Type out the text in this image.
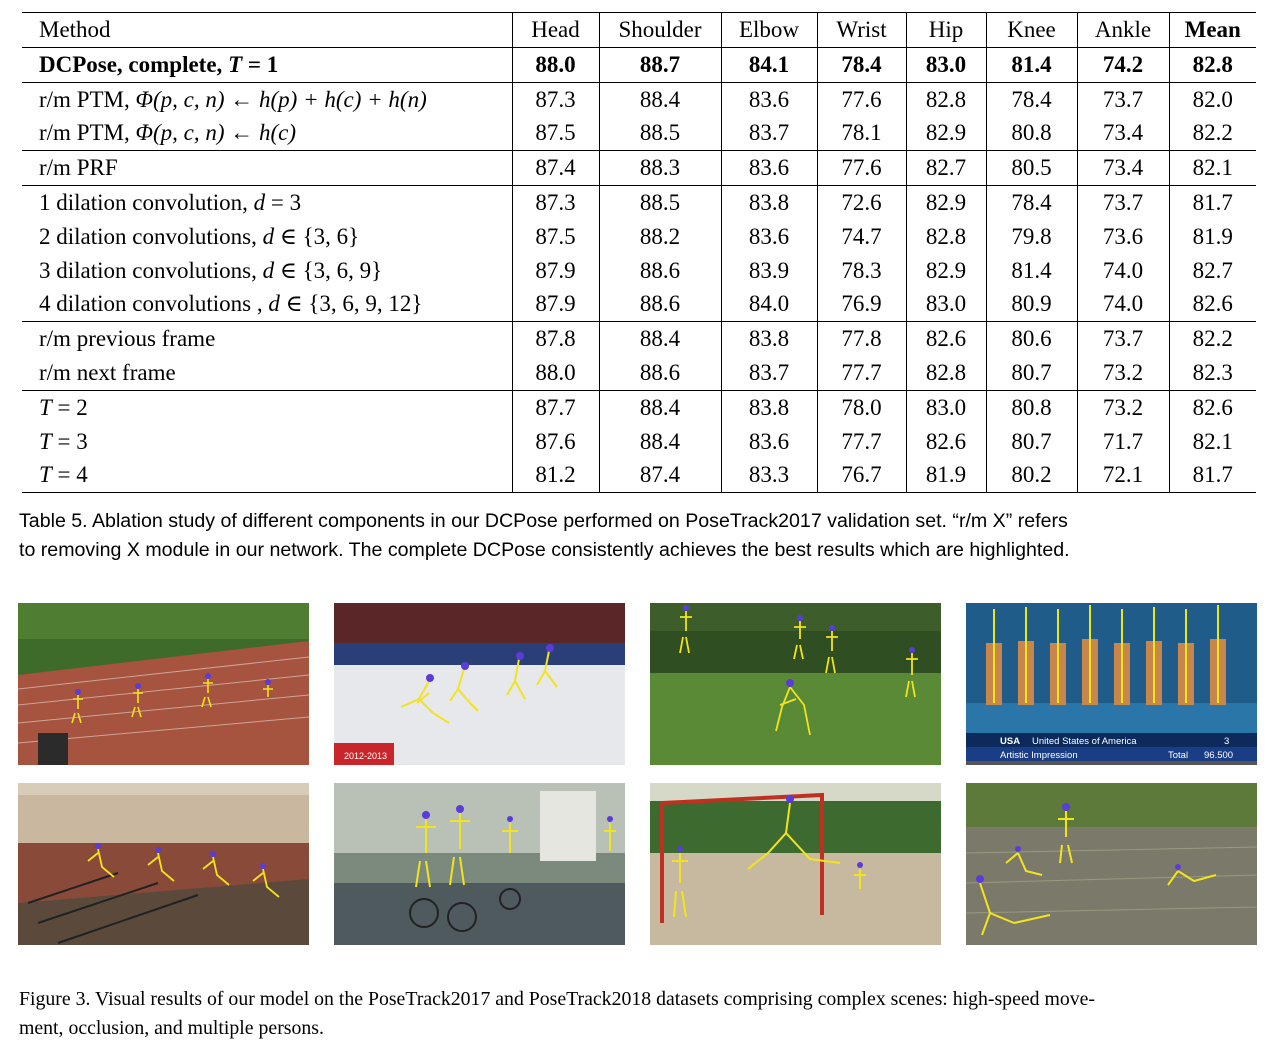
Method	Head	Shoulder	Elbow	Wrist	Hip	Knee	Ankle	Mean
DCPose, complete, T = 1	88.0	88.7	84.1	78.4	83.0	81.4	74.2	82.8
r/m PTM, Φ(p, c, n) ← h(p) + h(c) + h(n)	87.3	88.4	83.6	77.6	82.8	78.4	73.7	82.0
r/m PTM, Φ(p, c, n) ← h(c)	87.5	88.5	83.7	78.1	82.9	80.8	73.4	82.2
r/m PRF	87.4	88.3	83.6	77.6	82.7	80.5	73.4	82.1
1 dilation convolution, d = 3	87.3	88.5	83.8	72.6	82.9	78.4	73.7	81.7
2 dilation convolutions, d ∈ {3, 6}	87.5	88.2	83.6	74.7	82.8	79.8	73.6	81.9
3 dilation convolutions, d ∈ {3, 6, 9}	87.9	88.6	83.9	78.3	82.9	81.4	74.0	82.7
4 dilation convolutions , d ∈ {3, 6, 9, 12}	87.9	88.6	84.0	76.9	83.0	80.9	74.0	82.6
r/m previous frame	87.8	88.4	83.8	77.8	82.6	80.6	73.7	82.2
r/m next frame	88.0	88.6	83.7	77.7	82.8	80.7	73.2	82.3
T = 2	87.7	88.4	83.8	78.0	83.0	80.8	73.2	82.6
T = 3	87.6	88.4	83.6	77.7	82.6	80.7	71.7	82.1
T = 4	81.2	87.4	83.3	76.7	81.9	80.2	72.1	81.7
Table 5. Ablation study of different components in our DCPose performed on PoseTrack2017 validation set. “r/m X” refers
to removing X module in our network. The complete DCPose consistently achieves the best results which are highlighted.
2012-2013
USA United States of America	3
Artistic Impression	Total 96.500
Figure 3. Visual results of our model on the PoseTrack2017 and PoseTrack2018 datasets comprising complex scenes: high-speed move-
ment, occlusion, and multiple persons.
